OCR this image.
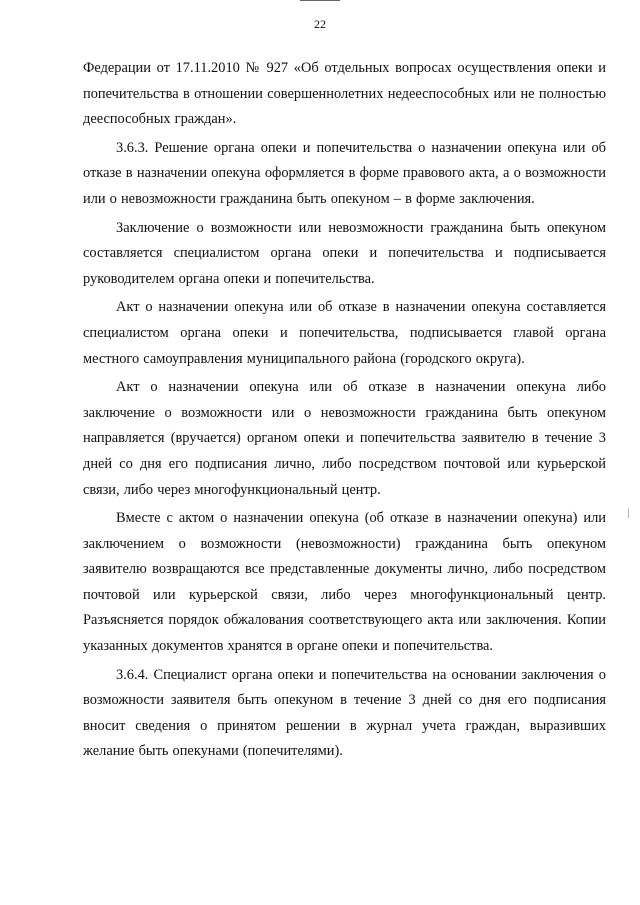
22

Федерации от 17.11.2010 № 927 «Об отдельных вопросах осуществления опеки и попечительства в отношении совершеннолетних недееспособных или не полностью дееспособных граждан».

3.6.3. Решение органа опеки и попечительства о назначении опекуна или об отказе в назначении опекуна оформляется в форме правового акта, а о возможности или о невозможности гражданина быть опекуном – в форме заключения.

Заключение о возможности или невозможности гражданина быть опекуном составляется специалистом органа опеки и попечительства и подписывается руководителем органа опеки и попечительства.

Акт о назначении опекуна или об отказе в назначении опекуна составляется специалистом органа опеки и попечительства, подписывается главой органа местного самоуправления муниципального района (городского округа).

Акт о назначении опекуна или об отказе в назначении опекуна либо заключение о возможности или о невозможности гражданина быть опекуном направляется (вручается) органом опеки и попечительства заявителю в течение 3 дней со дня его подписания лично, либо посредством почтовой или курьерской связи, либо через многофункциональный центр.

Вместе с актом о назначении опекуна (об отказе в назначении опекуна) или заключением о возможности (невозможности) гражданина быть опекуном заявителю возвращаются все представленные документы лично, либо посредством почтовой или курьерской связи, либо через многофункциональный центр. Разъясняется порядок обжалования соответствующего акта или заключения. Копии указанных документов хранятся в органе опеки и попечительства.

3.6.4. Специалист органа опеки и попечительства на основании заключения о возможности заявителя быть опекуном в течение 3 дней со дня его подписания вносит сведения о принятом решении в журнал учета граждан, выразивших желание быть опекунами (попечителями).
